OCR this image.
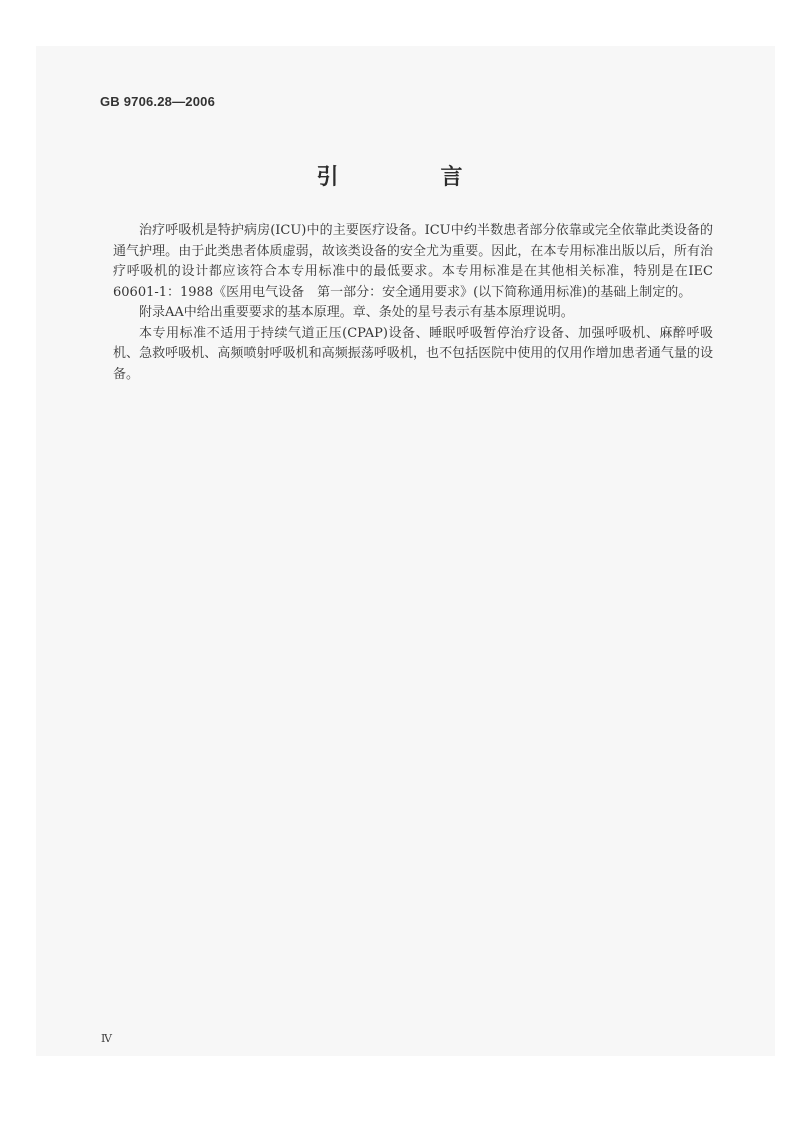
GB 9706.28—2006
引　言

治疗呼吸机是特护病房(ICU)中的主要医疗设备。ICU中约半数患者部分依靠或完全依靠此类设备的通气护理。由于此类患者体质虚弱，故该类设备的安全尤为重要。因此，在本专用标准出版以后，所有治疗呼吸机的设计都应该符合本专用标准中的最低要求。本专用标准是在其他相关标准，特别是在IEC 60601-1：1988《医用电气设备　第一部分：安全通用要求》(以下简称通用标准)的基础上制定的。

附录AA中给出重要要求的基本原理。章、条处的星号表示有基本原理说明。

本专用标准不适用于持续气道正压(CPAP)设备、睡眠呼吸暂停治疗设备、加强呼吸机、麻醉呼吸机、急救呼吸机、高频喷射呼吸机和高频振荡呼吸机，也不包括医院中使用的仅用作增加患者通气量的设备。

Ⅳ
